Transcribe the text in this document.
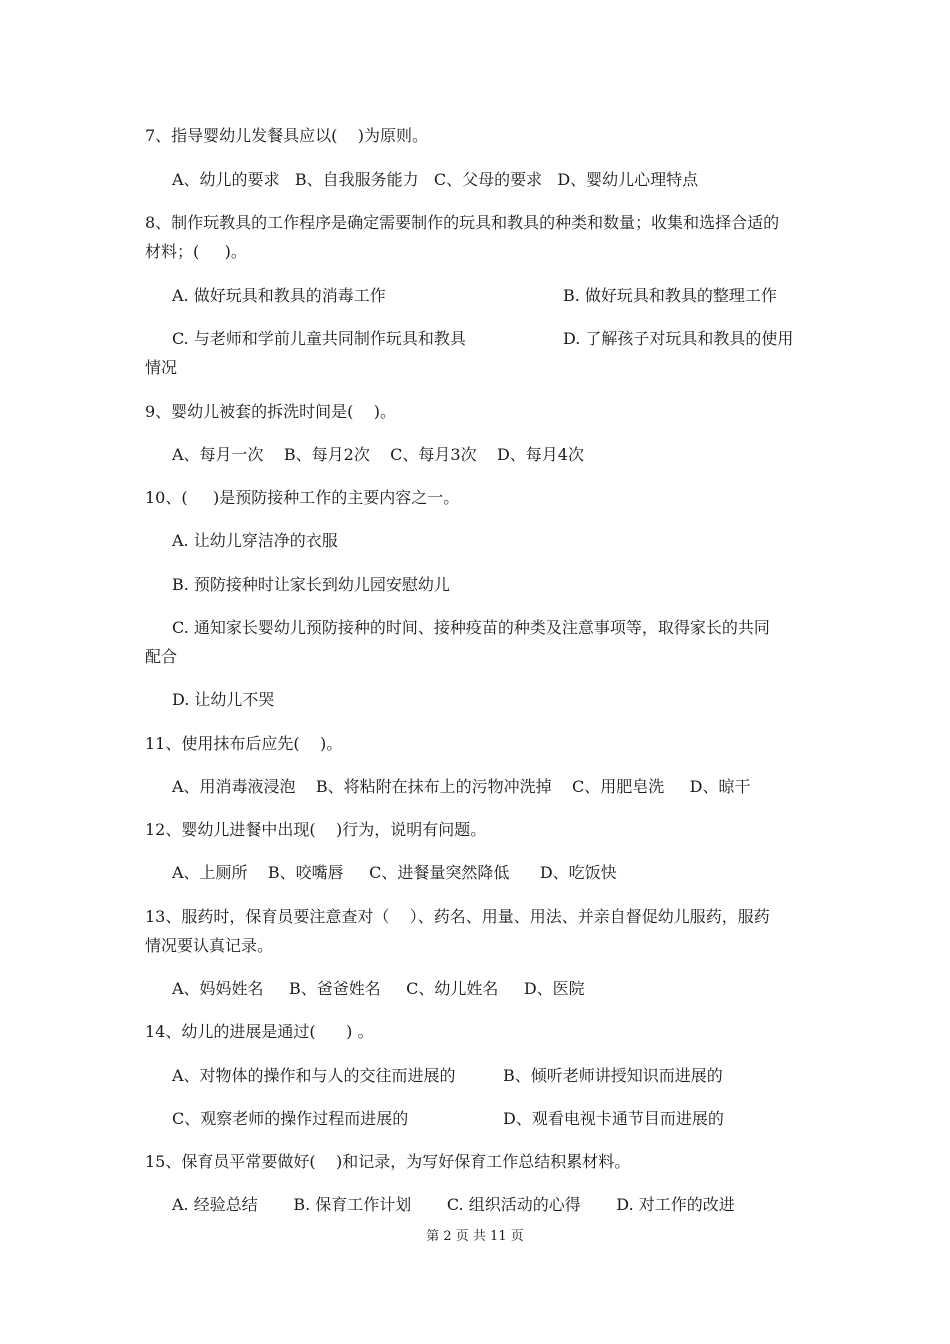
7、指导婴幼儿发餐具应以(    )为原则。
A、幼儿的要求   B、自我服务能力   C、父母的要求   D、婴幼儿心理特点
8、制作玩教具的工作程序是确定需要制作的玩具和教具的种类和数量；收集和选择合适的
材料；(     )。
A. 做好玩具和教具的消毒工作	B. 做好玩具和教具的整理工作
C. 与老师和学前儿童共同制作玩具和教具	D. 了解孩子对玩具和教具的使用
情况
9、婴幼儿被套的拆洗时间是(    )。
A、每月一次    B、每月2次    C、每月3次    D、每月4次
10、(     )是预防接种工作的主要内容之一。
A. 让幼儿穿洁净的衣服
B. 预防接种时让家长到幼儿园安慰幼儿
C. 通知家长婴幼儿预防接种的时间、接种疫苗的种类及注意事项等，取得家长的共同
配合
D. 让幼儿不哭
11、使用抹布后应先(    )。
A、用消毒液浸泡    B、将粘附在抹布上的污物冲洗掉    C、用肥皂洗     D、晾干
12、婴幼儿进餐中出现(    )行为，说明有问题。
A、上厕所    B、咬嘴唇     C、进餐量突然降低      D、吃饭快
13、服药时，保育员要注意查对（    ）、药名、用量、用法、并亲自督促幼儿服药，服药
情况要认真记录。
A、妈妈姓名     B、爸爸姓名     C、幼儿姓名     D、医院
14、幼儿的进展是通过(      ) 。
A、对物体的操作和与人的交往而进展的	B、倾听老师讲授知识而进展的
C、观察老师的操作过程而进展的	D、观看电视卡通节目而进展的
15、保育员平常要做好(    )和记录，为写好保育工作总结积累材料。
A. 经验总结       B. 保育工作计划       C. 组织活动的心得       D. 对工作的改进
第 2 页 共 11 页
